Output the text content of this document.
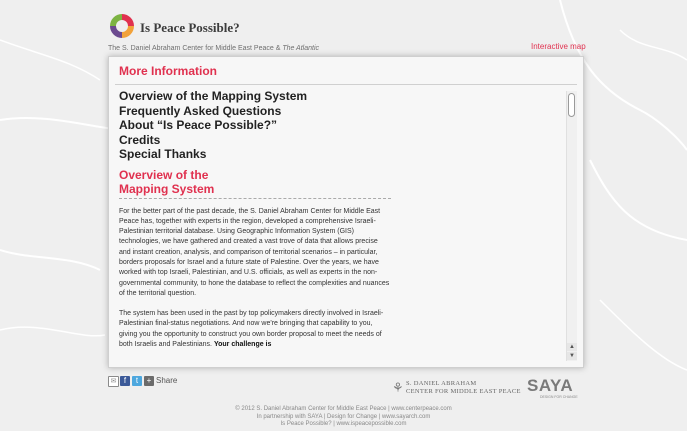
Is Peace Possible?
The S. Daniel Abraham Center for Middle East Peace & The Atlantic	Interactive map
More Information
Overview of the Mapping System
Frequently Asked Questions
About “Is Peace Possible?”
Credits
Special Thanks
Overview of the Mapping System

For the better part of the past decade, the S. Daniel Abraham Center for Middle East Peace has, together with experts in the region, developed a comprehensive Israeli-Palestinian territorial database. Using Geographic Information System (GIS) technologies, we have gathered and created a vast trove of data that allows precise and instant creation, analysis, and comparison of territorial scenarios – in particular, borders proposals for Israel and a future state of Palestine. Over the years, we have worked with top Israeli, Palestinian, and U.S. officials, as well as experts in the non-governmental community, to hone the database to reflect the complexities and nuances of the territorial question.

The system has been used in the past by top policymakers directly involved in Israeli-Palestinian final-status negotiations. And now we're bringing that capability to you, giving you the opportunity to construct you own border proposal to meet the needs of both Israelis and Palestinians. Your challenge is	▲
▼
✉ f	t	+ Share	⚘ S. DANIEL ABRAHAM
CENTER FOR MIDDLE EAST PEACE SAYA
DESIGN FOR CHANGE
© 2012 S. Daniel Abraham Center for Middle East Peace | www.centerpeace.com
In partnership with SAYA | Design for Change | www.sayarch.com
Is Peace Possible? | www.ispeacepossible.com
